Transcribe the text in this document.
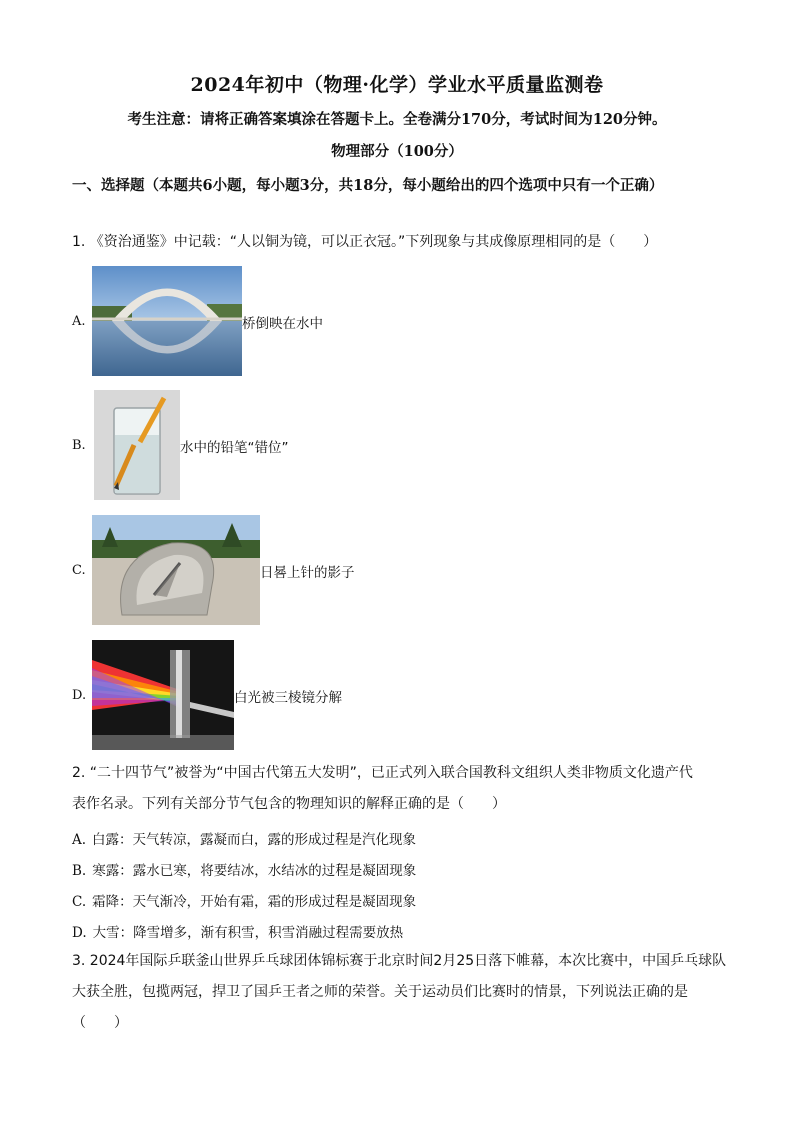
2024年初中（物理·化学）学业水平质量监测卷
考生注意：请将正确答案填涂在答题卡上。全卷满分170分，考试时间为120分钟。
物理部分（100分）
一、选择题（本题共6小题，每小题3分，共18分，每小题给出的四个选项中只有一个正确）
1. 《资治通鉴》中记载：“人以铜为镜，可以正衣冠。”下列现象与其成像原理相同的是（　　）
A.	桥倒映在水中
B.	水中的铅笔“错位”
C.	日晷上针的影子
D.	白光被三棱镜分解
2. “二十四节气”被誉为“中国古代第五大发明”，已正式列入联合国教科文组织人类非物质文化遗产代
表作名录。下列有关部分节气包含的物理知识的解释正确的是（　　）
A. 白露：天气转凉，露凝而白，露的形成过程是汽化现象
B. 寒露：露水已寒，将要结冰，水结冰的过程是凝固现象
C. 霜降：天气渐冷，开始有霜，霜的形成过程是凝固现象
D. 大雪：降雪增多，渐有积雪，积雪消融过程需要放热
3. 2024年国际乒联釜山世界乒乓球团体锦标赛于北京时间2月25日落下帷幕，本次比赛中，中国乒乓球队
大获全胜，包揽两冠，捍卫了国乒王者之师的荣誉。关于运动员们比赛时的情景，下列说法正确的是（　　）
